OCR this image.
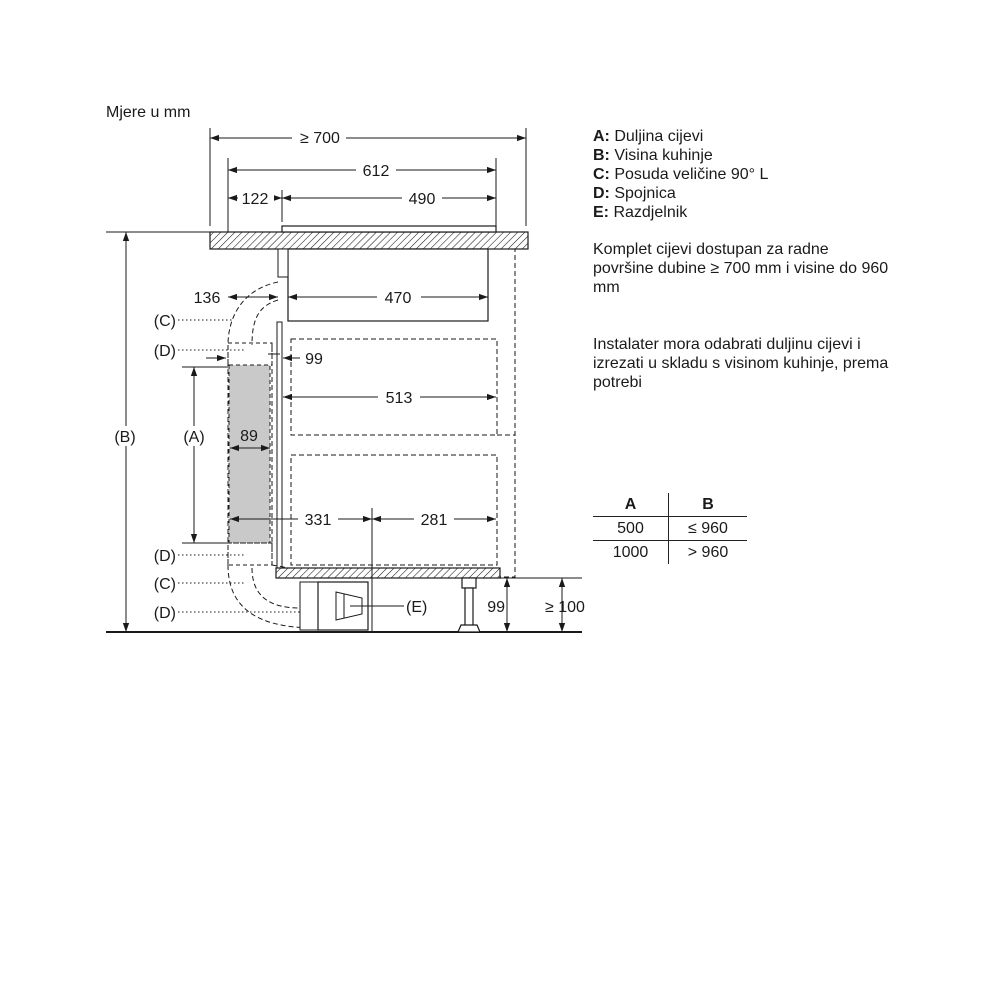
Mjere u mm
≥ 700
612
122	490
136	470
99
513
89
331	281
99	≥ 100
(B)	(A)
(C)
(D)
(D)
(C)
(D)	(E)
A: Duljina cijevi
B: Visina kuhinje
C: Posuda veličine 90° L
D: Spojnica
E: Razdjelnik
Komplet cijevi dostupan za radne površine dubine ≥ 700 mm i visine do 960 mm
Instalater mora odabrati duljinu cijevi i izrezati u skladu s visinom kuhinje, prema potrebi
A	B
500	≤ 960
1000	> 960
